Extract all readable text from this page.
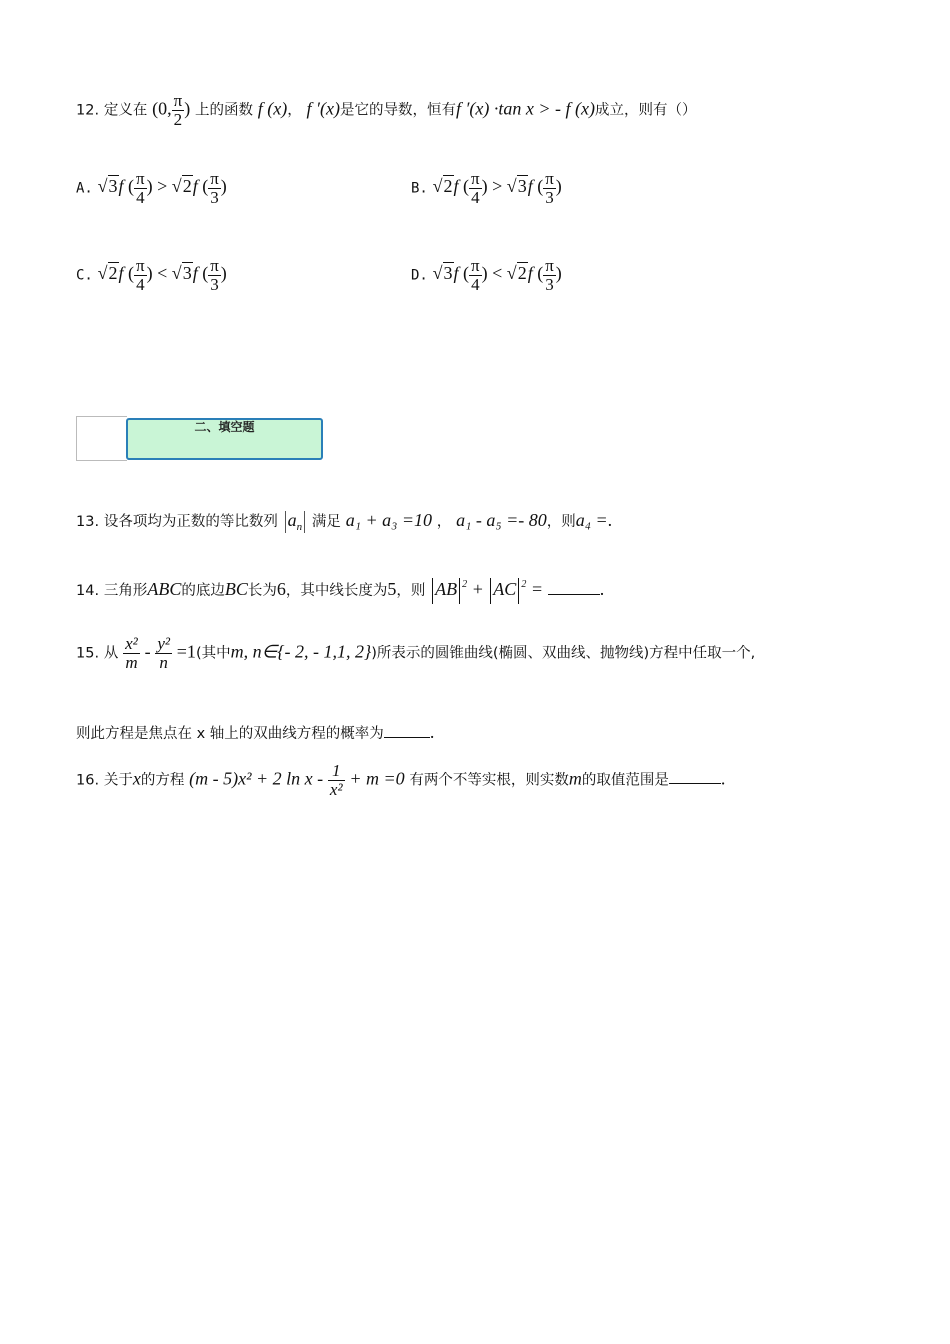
12. 定义在 (0, $\frac{\pi}{2}$ ) 上的函数 f (x)， f ′(x)是它的导数，恒有f ′(x) ·tan x > - f (x)成立，则有（）
A. √3f ( $\frac{\pi}{4}$ ) > √2f ( $\frac{\pi}{3}$ )	B. √2f ( $\frac{\pi}{4}$ ) > √3f ( $\frac{\pi}{3}$ )
C. √2f ( $\frac{\pi}{4}$ ) < √3f ( $\frac{\pi}{3}$ )	D. √3f ( $\frac{\pi}{4}$ ) < √2f ( $\frac{\pi}{3}$ )
$^{二、填空题}$
13. 设各项均为正数的等比数列 $a_n$ 满足 a₁ + a₃ =10 ， a₁ - a₅ =- 80，则a₄ =.
14. 三角形ABC的底边BC长为6，其中线长度为5，则 AB $^2$ + AC $^2$ =	.
15. 从 $\frac{\text{x²}}{m} - \frac{\text{y²}}{n} =1$(其中m, n∈{- 2, - 1,1, 2})所表示的圆锥曲线(椭圆、双曲线、抛物线)方程中任取一个,
则此方程是焦点在 x 轴上的双曲线方程的概率为	.
16. 关于x的方程 (m - 5)x² + 2 $\ln x - \frac{1}{\text{x²}} + m =0$ 有两个不等实根，则实数m的取值范围是	.
